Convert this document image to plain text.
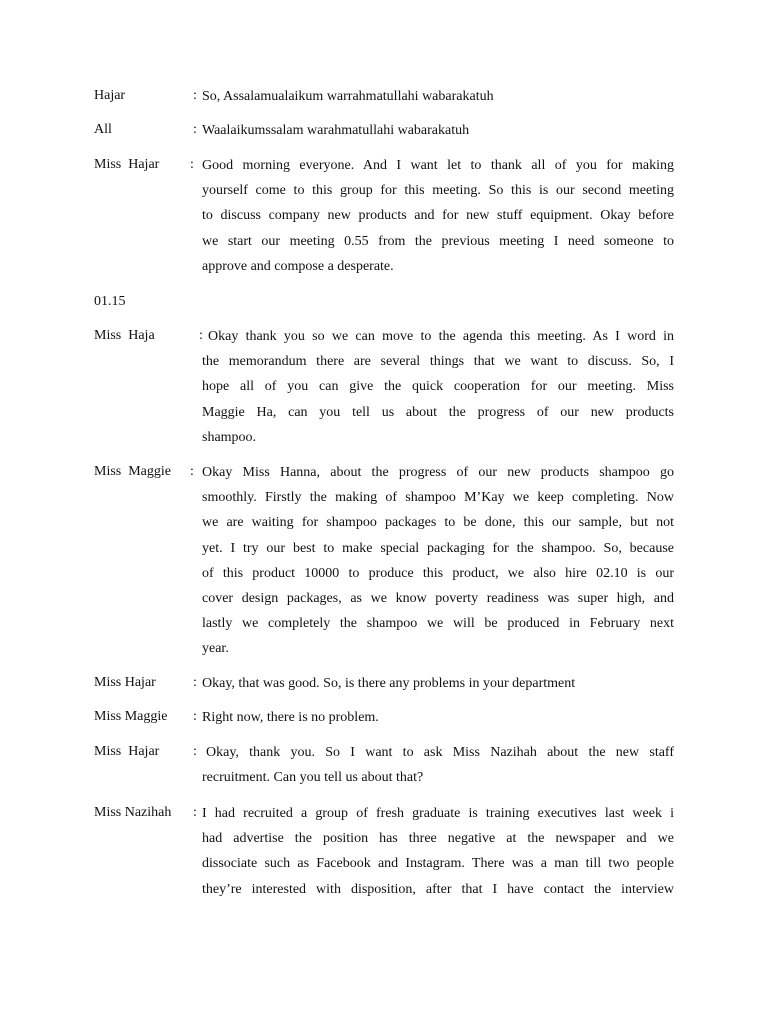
Hajar	: So, Assalamualaikum warrahmatullahi wabarakatuh
All	: Waalaikumssalam warahmatullahi wabarakatuh
Miss  Hajar : Good morning everyone. And I want let to thank all of you for making
yourself come to this group for this meeting. So this is our second meeting
to discuss company new products and for new stuff equipment. Okay before
we start our meeting 0.55 from the previous meeting I need someone to
approve and compose a desperate.
01.15
Miss  Haja	: Okay thank you so we can move to the agenda this meeting. As I word in
the memorandum there are several things that we want to discuss. So, I
hope all of you can give the quick cooperation for our meeting. Miss
Maggie Ha, can you tell us about the progress of our new products
shampoo.
Miss  Maggie : Okay Miss Hanna, about the progress of our new products shampoo go
smoothly. Firstly the making of shampoo M’Kay we keep completing. Now
we are waiting for shampoo packages to be done, this our sample, but not
yet. I try our best to make special packaging for the shampoo. So, because
of this product 10000 to produce this product, we also hire 02.10 is our
cover design packages, as we know poverty readiness was super high, and
lastly we completely the shampoo we will be produced in February next
year.
Miss Hajar	: Okay, that was good. So, is there any problems in your department
Miss Maggie : Right now, there is no problem.
Miss  Hajar : Okay, thank you. So I want to ask Miss Nazihah about the new staff
recruitment. Can you tell us about that?
Miss Nazihah : I had recruited a group of fresh graduate is training executives last week i
had advertise the position has three negative at the newspaper and we
dissociate such as Facebook and Instagram. There was a man till two people
they’re interested with disposition, after that I have contact the interview
